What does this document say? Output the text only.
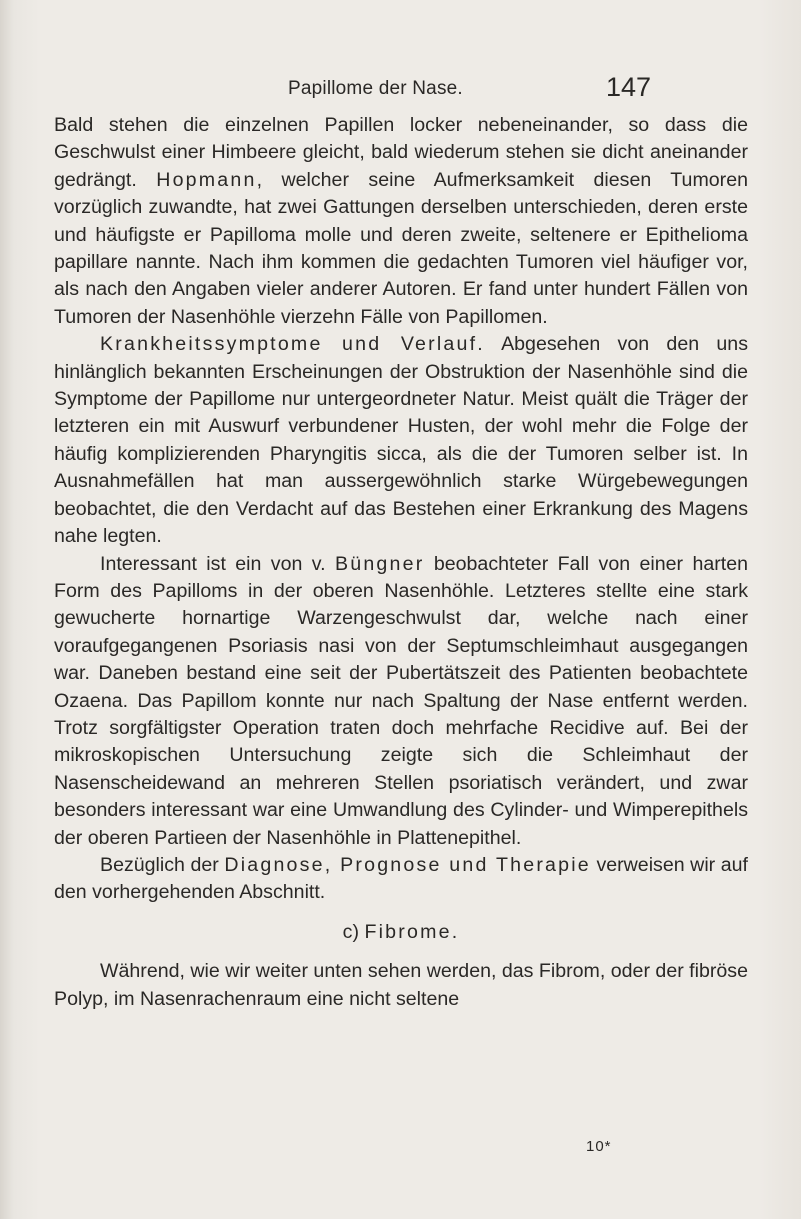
Papillome der Nase.	147

Bald stehen die einzelnen Papillen locker nebeneinander, so dass die Geschwulst einer Himbeere gleicht, bald wiederum stehen sie dicht aneinander gedrängt. Hopmann, welcher seine Aufmerksamkeit diesen Tumoren vorzüglich zuwandte, hat zwei Gattungen derselben unterschieden, deren erste und häufigste er Papilloma molle und deren zweite, seltenere er Epithelioma papillare nannte. Nach ihm kommen die gedachten Tumoren viel häufiger vor, als nach den Angaben vieler anderer Autoren. Er fand unter hundert Fällen von Tumoren der Nasenhöhle vierzehn Fälle von Papillomen.

Krankheitssymptome und Verlauf. Abgesehen von den uns hinlänglich bekannten Erscheinungen der Obstruktion der Nasenhöhle sind die Symptome der Papillome nur untergeordneter Natur. Meist quält die Träger der letzteren ein mit Auswurf verbundener Husten, der wohl mehr die Folge der häufig komplizierenden Pharyngitis sicca, als die der Tumoren selber ist. In Ausnahmefällen hat man aussergewöhnlich starke Würgebewegungen beobachtet, die den Verdacht auf das Bestehen einer Erkrankung des Magens nahe legten.

Interessant ist ein von v. Büngner beobachteter Fall von einer harten Form des Papilloms in der oberen Nasenhöhle. Letzteres stellte eine stark gewucherte hornartige Warzengeschwulst dar, welche nach einer voraufgegangenen Psoriasis nasi von der Septumschleimhaut ausgegangen war. Daneben bestand eine seit der Pubertätszeit des Patienten beobachtete Ozaena. Das Papillom konnte nur nach Spaltung der Nase entfernt werden. Trotz sorgfältigster Operation traten doch mehrfache Recidive auf. Bei der mikroskopischen Untersuchung zeigte sich die Schleimhaut der Nasenscheidewand an mehreren Stellen psoriatisch verändert, und zwar besonders interessant war eine Umwandlung des Cylinder- und Wimperepithels der oberen Partieen der Nasenhöhle in Plattenepithel.

Bezüglich der Diagnose, Prognose und Therapie verweisen wir auf den vorhergehenden Abschnitt.

c) Fibrome.

Während, wie wir weiter unten sehen werden, das Fibrom, oder der fibröse Polyp, im Nasenrachenraum eine nicht seltene

10*
